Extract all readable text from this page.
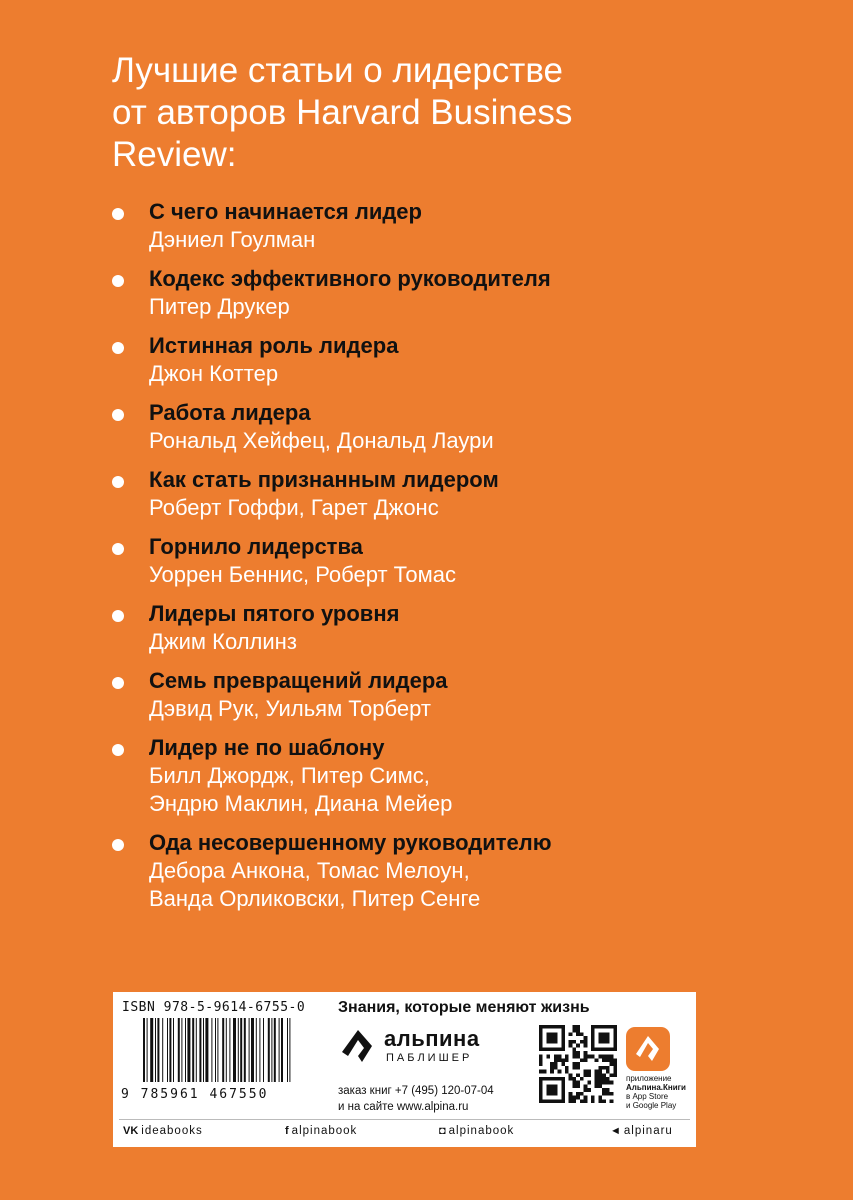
Лучшие статьи о лидерстве
от авторов Harvard Business
Review:
С чего начинается лидер
Дэниел Гоулман
Кодекс эффективного руководителя
Питер Друкер
Истинная роль лидера
Джон Коттер
Работа лидера
Рональд Хейфец, Дональд Лаури
Как стать признанным лидером
Роберт Гоффи, Гарет Джонс
Горнило лидерства
Уоррен Беннис, Роберт Томас
Лидеры пятого уровня
Джим Коллинз
Семь превращений лидера
Дэвид Рук, Уильям Торберт
Лидер не по шаблону
Билл Джордж, Питер Симс,
Эндрю Маклин, Диана Мейер
Ода несовершенному руководителю
Дебора Анкона, Томас Мелоун,
Ванда Орликовски, Питер Сенге
ISBN 978-5-9614-6755-0
9 785961 467550
Знания, которые меняют жизнь
альпина
ПАБЛИШЕР
заказ книг +7 (495) 120-07-04
и на сайте www.alpina.ru
приложение
Альпина.Книги
в App Store
и Google Play
VK ideabooks	f alpinabook	◘ alpinabook	◄ alpinaru
